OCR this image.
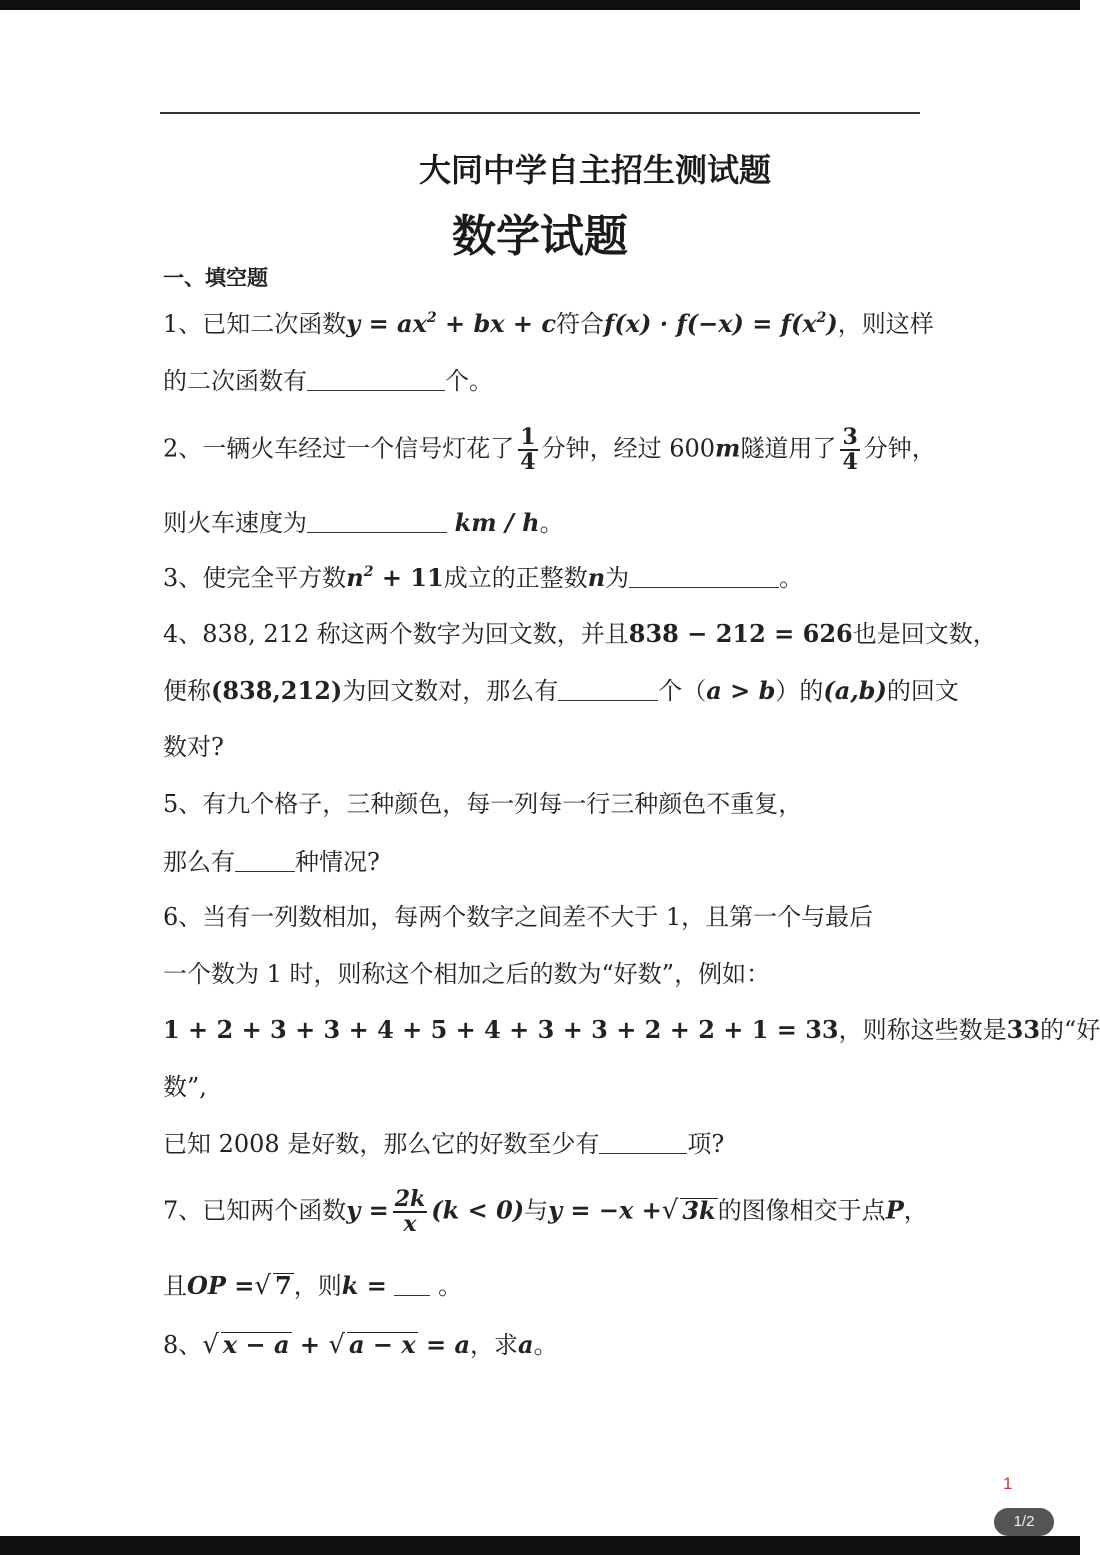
大同中学自主招生测试题
数学试题
一、填空题
1、已知二次函数$y = ax^2$ + bx + c符合$f(x) \cdot f(-x) = f(x^2)$，则这样
的二次函数有	个。
2、一辆火车经过一个信号灯花了 $\frac{1}{4}$ 分钟，经过 600m隧道用了 $\frac{3}{4}$ 分钟，
则火车速度为	km / h。
3、使完全平方数$n^2 + 11$成立的正整数n为	。
4、838, 212 称这两个数字为回文数，并且838 − 212 = 626也是回文数，
便称(838,212)为回文数对，那么有	个（a > b）的(a,b)的回文
数对?
5、有九个格子，三种颜色，每一列每一行三种颜色不重复，
那么有	种情况?
6、当有一列数相加，每两个数字之间差不大于 1，且第一个与最后
一个数为 1 时，则称这个相加之后的数为“好数”，例如：
1 + 2 + 3 + 3 + 4 + 5 + 4 + 3 + 3 + 2 + 2 + 1 = 33，则称这些数是33的“好
数”,
已知 2008 是好数，那么它的好数至少有	项?
7、已知两个函数$y = \frac{2k}{x} (k < 0)$与y = −x +√ 3k的图像相交于点P，
且OP =√ 7，则k = 。
8、√ x − a + √ a − x = a，求a。
1
1/2
